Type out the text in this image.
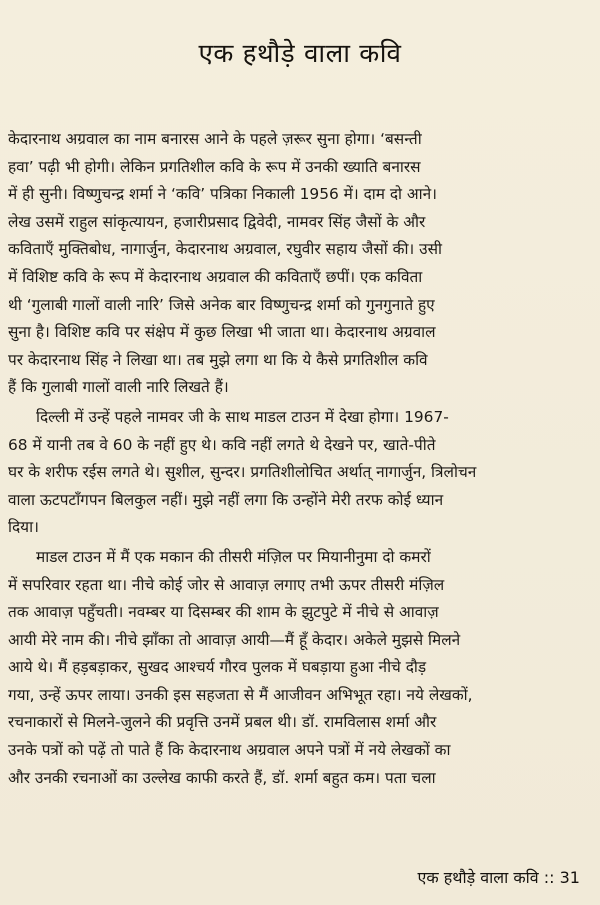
एक हथौड़े वाला कवि
केदारनाथ अग्रवाल का नाम बनारस आने के पहले ज़रूर सुना होगा। ‘बसन्ती
हवा’ पढ़ी भी होगी। लेकिन प्रगतिशील कवि के रूप में उनकी ख्याति बनारस
में ही सुनी। विष्णुचन्द्र शर्मा ने ‘कवि’ पत्रिका निकाली 1956 में। दाम दो आने।
लेख उसमें राहुल सांकृत्यायन, हजारीप्रसाद द्विवेदी, नामवर सिंह जैसों के और
कविताएँ मुक्तिबोध, नागार्जुन, केदारनाथ अग्रवाल, रघुवीर सहाय जैसों की। उसी
में विशिष्ट कवि के रूप में केदारनाथ अग्रवाल की कविताएँ छपीं। एक कविता
थी ‘गुलाबी गालों वाली नारि’ जिसे अनेक बार विष्णुचन्द्र शर्मा को गुनगुनाते हुए
सुना है। विशिष्ट कवि पर संक्षेप में कुछ लिखा भी जाता था। केदारनाथ अग्रवाल
पर केदारनाथ सिंह ने लिखा था। तब मुझे लगा था कि ये कैसे प्रगतिशील कवि
हैं कि गुलाबी गालों वाली नारि लिखते हैं।
दिल्ली में उन्हें पहले नामवर जी के साथ माडल टाउन में देखा होगा। 1967-
68 में यानी तब वे 60 के नहीं हुए थे। कवि नहीं लगते थे देखने पर, खाते-पीते
घर के शरीफ रईस लगते थे। सुशील, सुन्दर। प्रगतिशीलोचित अर्थात् नागार्जुन, त्रिलोचन
वाला ऊटपटाँगपन बिलकुल नहीं। मुझे नहीं लगा कि उन्होंने मेरी तरफ कोई ध्यान
दिया।
माडल टाउन में मैं एक मकान की तीसरी मंज़िल पर मियानीनुमा दो कमरों
में सपरिवार रहता था। नीचे कोई जोर से आवाज़ लगाए तभी ऊपर तीसरी मंज़िल
तक आवाज़ पहुँचती। नवम्बर या दिसम्बर की शाम के झुटपुटे में नीचे से आवाज़
आयी मेरे नाम की। नीचे झाँका तो आवाज़ आयी—मैं हूँ केदार। अकेले मुझसे मिलने
आये थे। मैं हड़बड़ाकर, सुखद आश्चर्य गौरव पुलक में घबड़ाया हुआ नीचे दौड़
गया, उन्हें ऊपर लाया। उनकी इस सहजता से मैं आजीवन अभिभूत रहा। नये लेखकों,
रचनाकारों से मिलने-जुलने की प्रवृत्ति उनमें प्रबल थी। डॉ. रामविलास शर्मा और
उनके पत्रों को पढ़ें तो पाते हैं कि केदारनाथ अग्रवाल अपने पत्रों में नये लेखकों का
और उनकी रचनाओं का उल्लेख काफी करते हैं, डॉ. शर्मा बहुत कम। पता चला
एक हथौड़े वाला कवि :: 31
